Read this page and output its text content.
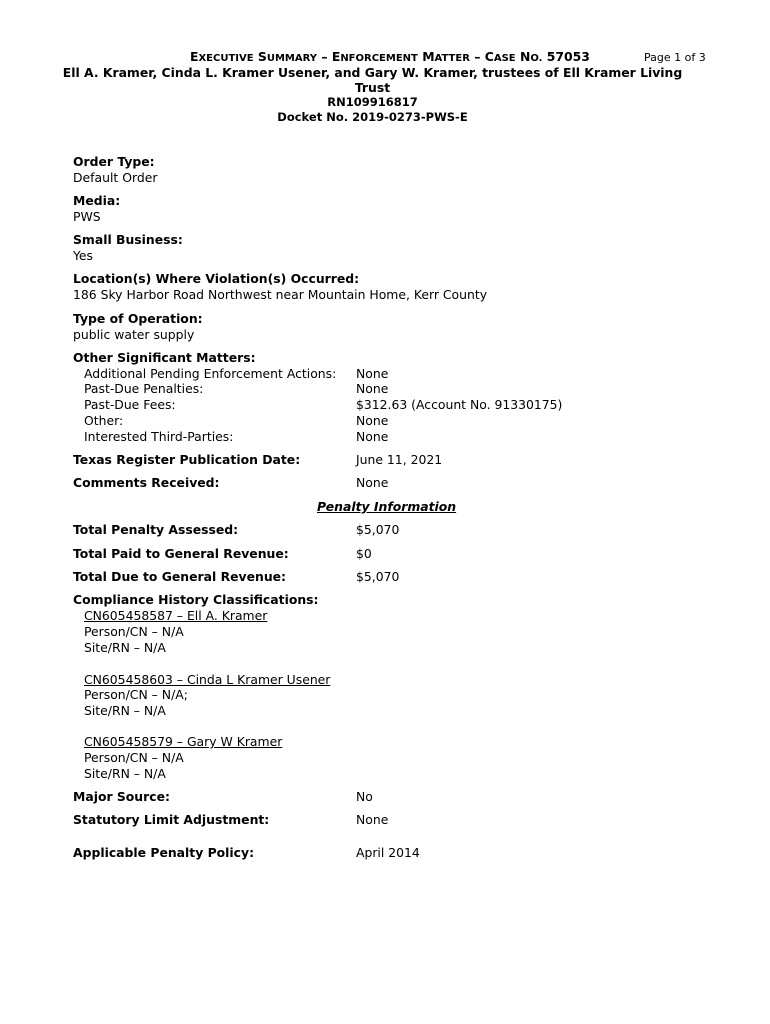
EXECUTIVE SUMMARY – ENFORCEMENT MATTER – CASE NO. 57053	Page 1 of 3
Ell A. Kramer, Cinda L. Kramer Usener, and Gary W. Kramer, trustees of Ell Kramer Living
Trust
RN109916817
Docket No. 2019-0273-PWS-E
Order Type:
Default Order
Media:
PWS
Small Business:
Yes
Location(s) Where Violation(s) Occurred:
186 Sky Harbor Road Northwest near Mountain Home, Kerr County
Type of Operation:
public water supply
Other Significant Matters:
Additional Pending Enforcement Actions: None
Past-Due Penalties:	None
Past-Due Fees:	$312.63 (Account No. 91330175)
Other:	None
Interested Third-Parties:	None
Texas Register Publication Date:	June 11, 2021
Comments Received:	None
Penalty Information
Total Penalty Assessed:	$5,070
Total Paid to General Revenue:	$0
Total Due to General Revenue:	$5,070
Compliance History Classifications:
CN605458587 – Ell A. Kramer
Person/CN – N/A
Site/RN – N/A
CN605458603 – Cinda L Kramer Usener
Person/CN – N/A;
Site/RN – N/A
CN605458579 – Gary W Kramer
Person/CN – N/A
Site/RN – N/A
Major Source:	No
Statutory Limit Adjustment:	None
Applicable Penalty Policy:	April 2014
